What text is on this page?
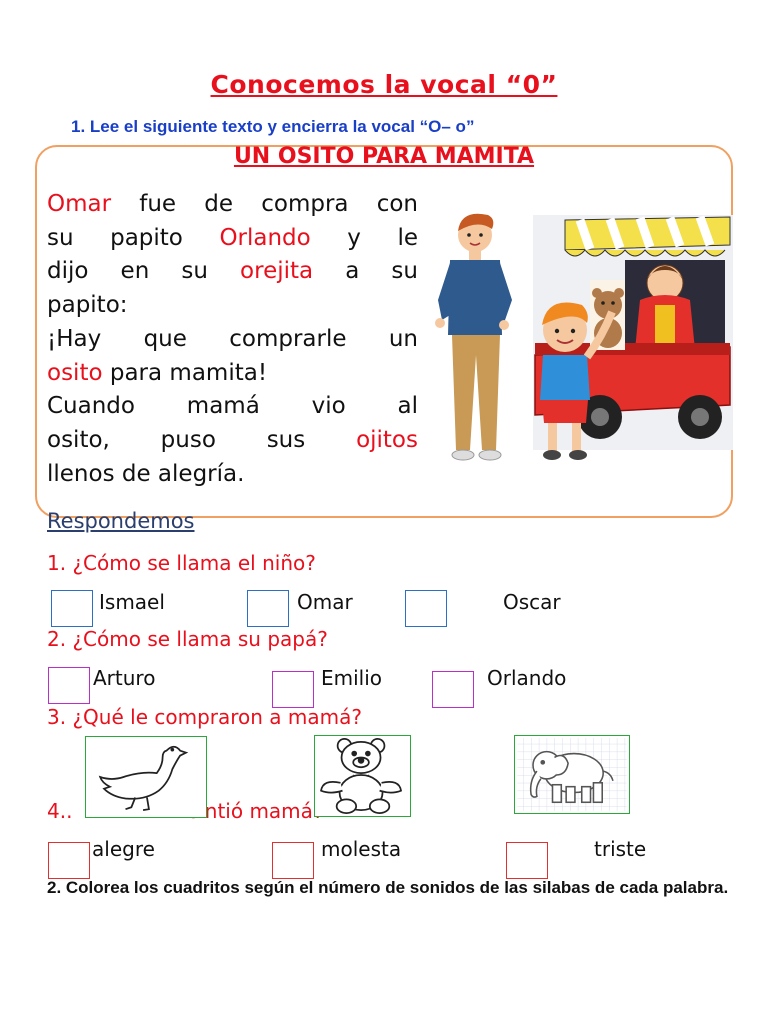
Conocemos la vocal “0”
1. Lee el siguiente texto y encierra la vocal “O– o”
UN OSITO PARA MAMITA
Omar fue de compra con
su papito Orlando y le
dijo en su orejita a su
papito:
¡Hay que comprarle un
osito para mamita!
Cuando mamá vio al
osito, puso sus ojitos
llenos de alegría.
Respondemos
1. ¿Cómo se llama el niño?
Ismael	Omar	Oscar
2. ¿Cómo se llama su papá?
Arturo	Emilio	Orlando
3. ¿Qué le compraron a mamá?
4..	sintió mamá?
alegre	molesta	triste
2. Colorea los cuadritos según el número de sonidos de las silabas de cada palabra.
